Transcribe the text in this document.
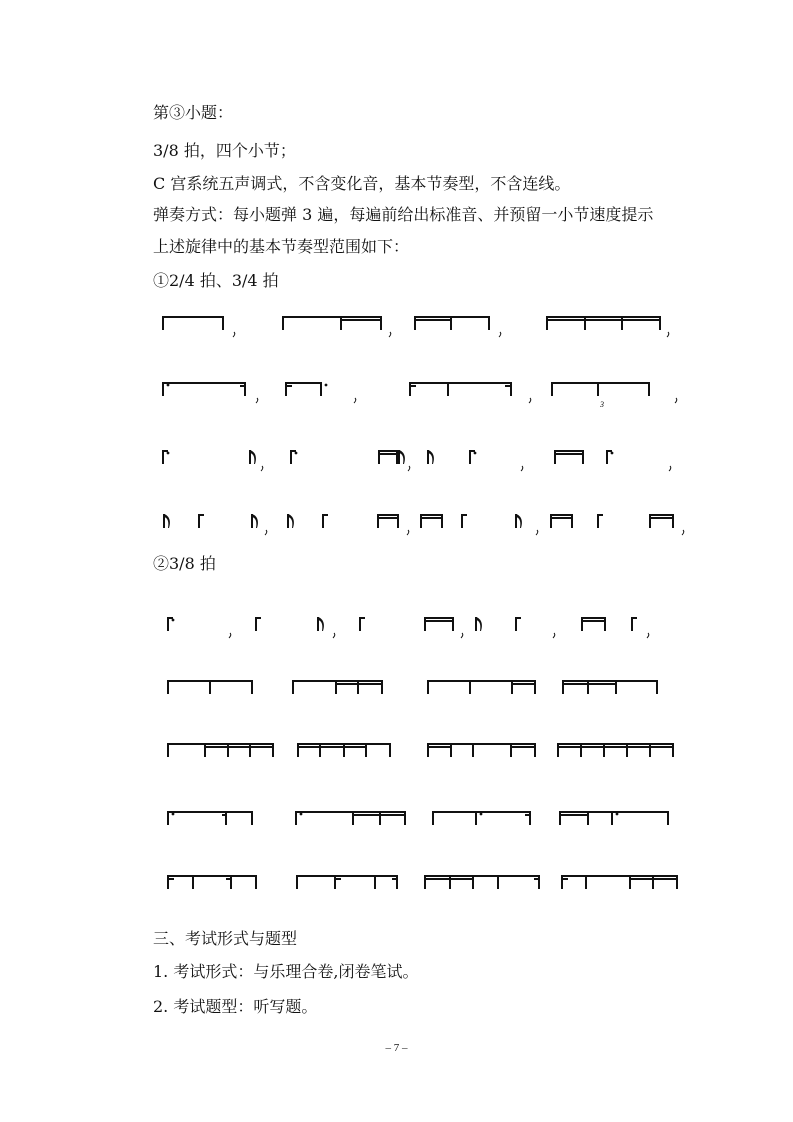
第③小题：
3/8 拍，四个小节；
C 宫系统五声调式，不含变化音，基本节奏型，不含连线。
弹奏方式：每小题弹 3 遍，每遍前给出标准音、并预留一小节速度提示
上述旋律中的基本节奏型范围如下：
①2/4 拍、3/4 拍
②3/8 拍
三、考试形式与题型
1. 考试形式：与乐理合卷,闭卷笔试。
2. 考试题型：听写题。
– 7 –
3
